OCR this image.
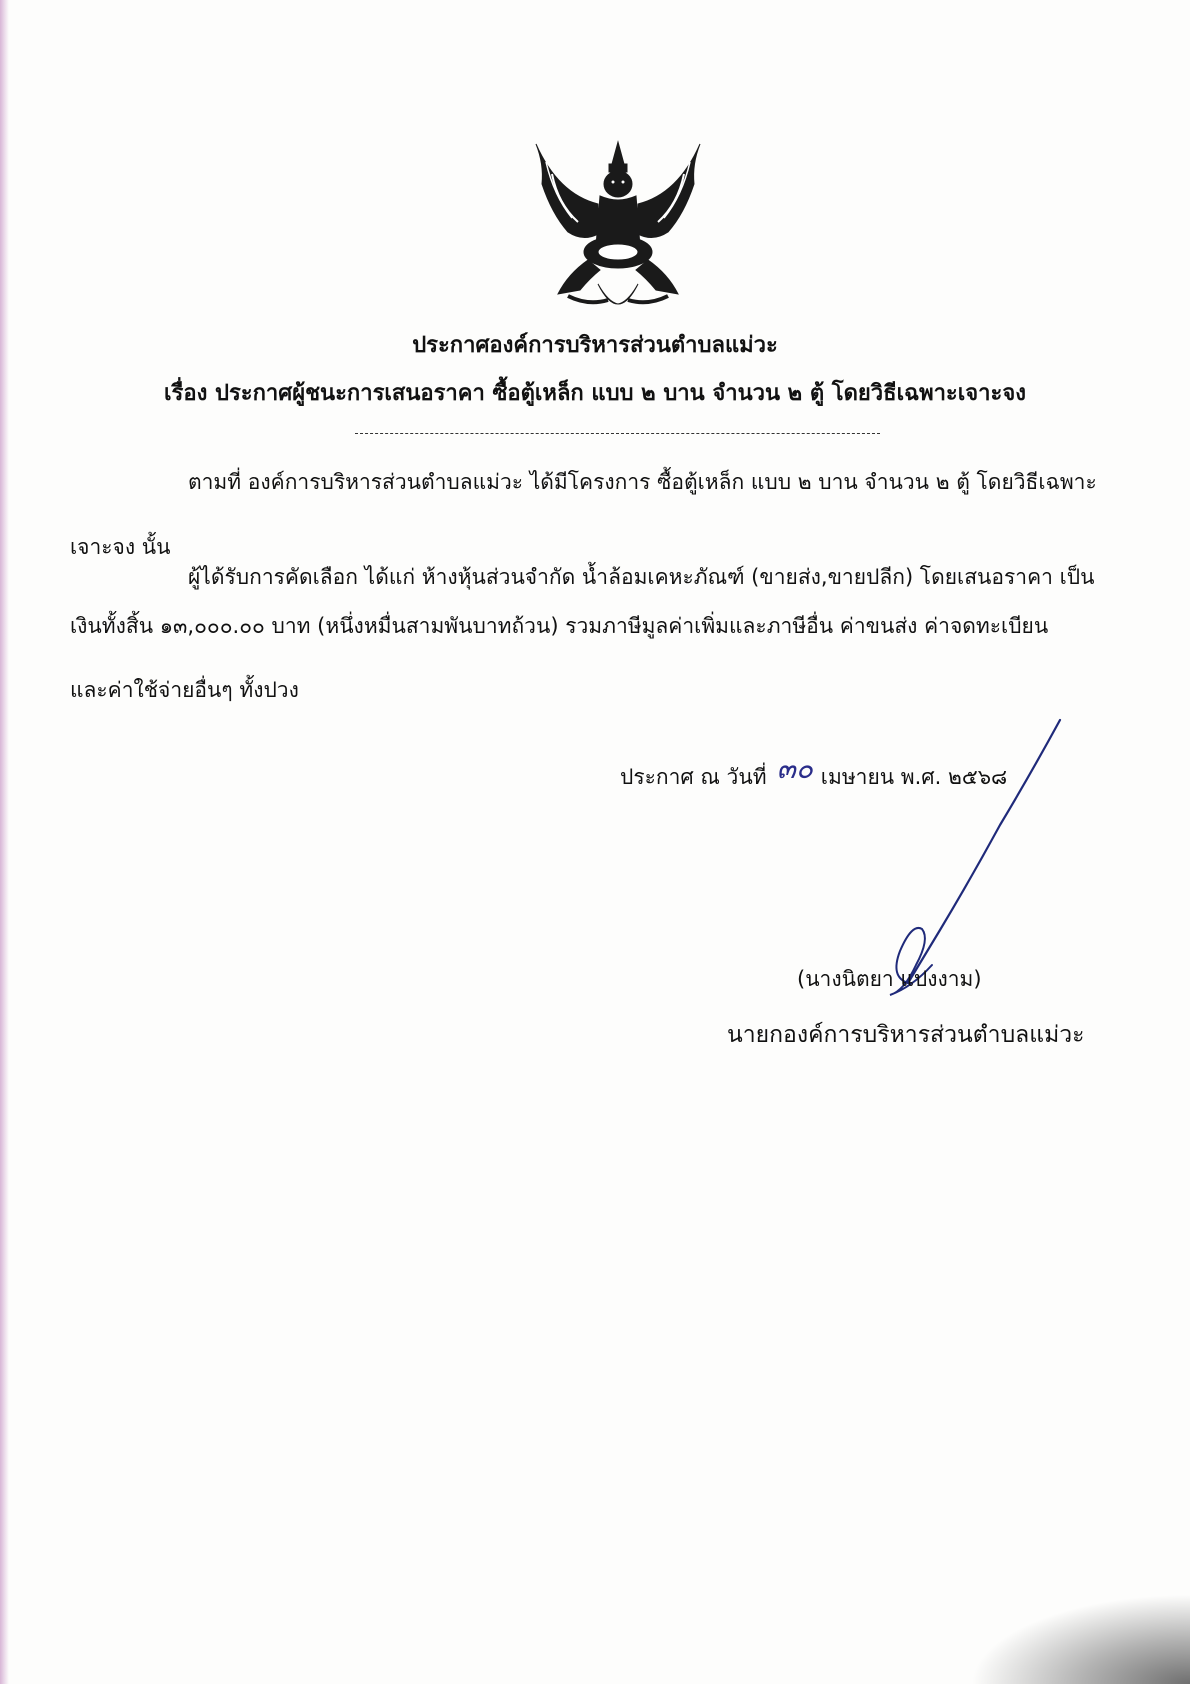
ประกาศองค์การบริหารส่วนตำบลแม่วะ
เรื่อง ประกาศผู้ชนะการเสนอราคา ซื้อตู้เหล็ก แบบ ๒ บาน จำนวน ๒ ตู้ โดยวิธีเฉพาะเจาะจง
ตามที่ องค์การบริหารส่วนตำบลแม่วะ ได้มีโครงการ ซื้อตู้เหล็ก แบบ ๒ บาน จำนวน ๒ ตู้ โดยวิธีเฉพาะ
เจาะจง นั้น
ผู้ได้รับการคัดเลือก ได้แก่ ห้างหุ้นส่วนจำกัด น้ำล้อมเคหะภัณฑ์ (ขายส่ง,ขายปลีก) โดยเสนอราคา เป็น
เงินทั้งสิ้น ๑๓,๐๐๐.๐๐ บาท (หนึ่งหมื่นสามพันบาทถ้วน) รวมภาษีมูลค่าเพิ่มและภาษีอื่น ค่าขนส่ง ค่าจดทะเบียน
และค่าใช้จ่ายอื่นๆ ทั้งปวง
ประกาศ ณ วันที่ ๓๐ เมษายน พ.ศ. ๒๕๖๘
(นางนิตยา แปงงาม)
นายกองค์การบริหารส่วนตำบลแม่วะ
